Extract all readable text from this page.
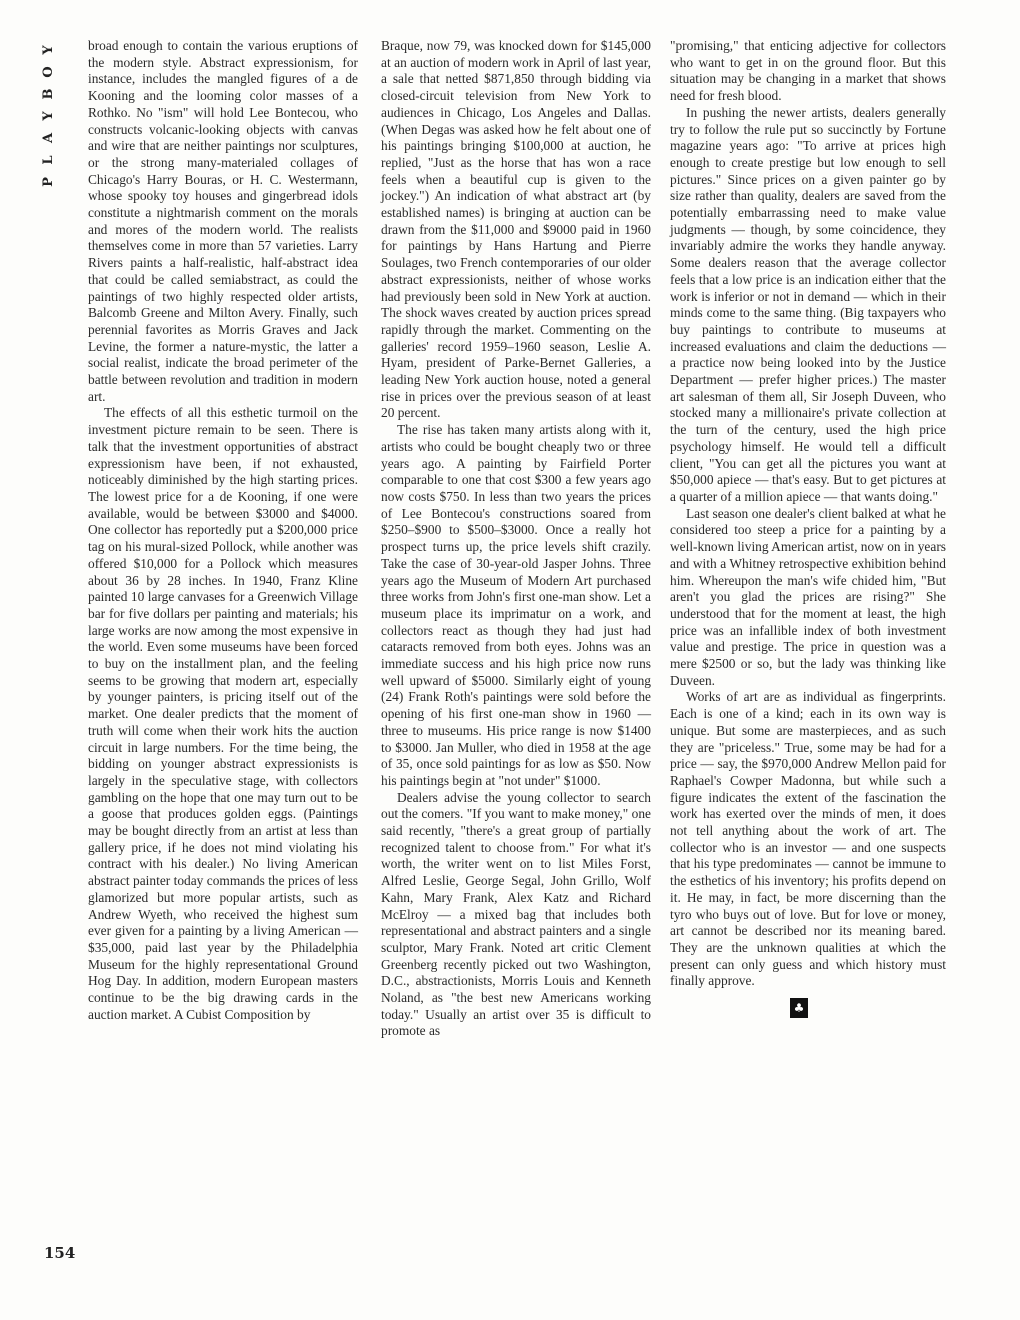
Y
O
B
Y
A
L
P
154

broad enough to contain the various eruptions of the modern style. Abstract expressionism, for instance, includes the mangled figures of a de Kooning and the looming color masses of a Rothko. No "ism" will hold Lee Bontecou, who constructs volcanic-looking objects with canvas and wire that are neither paintings nor sculptures, or the strong many-materialed collages of Chicago's Harry Bouras, or H. C. Westermann, whose spooky toy houses and gingerbread idols constitute a nightmarish comment on the morals and mores of the modern world. The realists themselves come in more than 57 varieties. Larry Rivers paints a half-realistic, half-abstract idea that could be called semiabstract, as could the paintings of two highly respected older artists, Balcomb Greene and Milton Avery. Finally, such perennial favorites as Morris Graves and Jack Levine, the former a nature-mystic, the latter a social realist, indicate the broad perimeter of the battle between revolution and tradition in modern art.

The effects of all this esthetic turmoil on the investment picture remain to be seen. There is talk that the investment opportunities of abstract expressionism have been, if not exhausted, noticeably diminished by the high starting prices. The lowest price for a de Kooning, if one were available, would be between $3000 and $4000. One collector has reportedly put a $200,000 price tag on his mural-sized Pollock, while another was offered $10,000 for a Pollock which measures about 36 by 28 inches. In 1940, Franz Kline painted 10 large canvases for a Greenwich Village bar for five dollars per painting and materials; his large works are now among the most expensive in the world. Even some museums have been forced to buy on the installment plan, and the feeling seems to be growing that modern art, especially by younger painters, is pricing itself out of the market. One dealer predicts that the moment of truth will come when their work hits the auction circuit in large numbers. For the time being, the bidding on younger abstract expressionists is largely in the speculative stage, with collectors gambling on the hope that one may turn out to be a goose that produces golden eggs. (Paintings may be bought directly from an artist at less than gallery price, if he does not mind violating his contract with his dealer.) No living American abstract painter today commands the prices of less glamorized but more popular artists, such as Andrew Wyeth, who received the highest sum ever given for a painting by a living American — $35,000, paid last year by the Philadelphia Museum for the highly representational Ground Hog Day. In addition, modern European masters continue to be the big drawing cards in the auction market. A Cubist Composition by

Braque, now 79, was knocked down for $145,000 at an auction of modern work in April of last year, a sale that netted $871,850 through bidding via closed-circuit television from New York to audiences in Chicago, Los Angeles and Dallas. (When Degas was asked how he felt about one of his paintings bringing $100,000 at auction, he replied, "Just as the horse that has won a race feels when a beautiful cup is given to the jockey.") An indication of what abstract art (by established names) is bringing at auction can be drawn from the $11,000 and $9000 paid in 1960 for paintings by Hans Hartung and Pierre Soulages, two French contemporaries of our older abstract expressionists, neither of whose works had previously been sold in New York at auction. The shock waves created by auction prices spread rapidly through the market. Commenting on the galleries' record 1959–1960 season, Leslie A. Hyam, president of Parke-Bernet Galleries, a leading New York auction house, noted a general rise in prices over the previous season of at least 20 percent.

The rise has taken many artists along with it, artists who could be bought cheaply two or three years ago. A painting by Fairfield Porter comparable to one that cost $300 a few years ago now costs $750. In less than two years the prices of Lee Bontecou's constructions soared from $250–$900 to $500–$3000. Once a really hot prospect turns up, the price levels shift crazily. Take the case of 30-year-old Jasper Johns. Three years ago the Museum of Modern Art purchased three works from John's first one-man show. Let a museum place its imprimatur on a work, and collectors react as though they had just had cataracts removed from both eyes. Johns was an immediate success and his high price now runs well upward of $5000. Similarly eight of young (24) Frank Roth's paintings were sold before the opening of his first one-man show in 1960 — three to museums. His price range is now $1400 to $3000. Jan Muller, who died in 1958 at the age of 35, once sold paintings for as low as $50. Now his paintings begin at "not under" $1000.

Dealers advise the young collector to search out the comers. "If you want to make money," one said recently, "there's a great group of partially recognized talent to choose from." For what it's worth, the writer went on to list Miles Forst, Alfred Leslie, George Segal, John Grillo, Wolf Kahn, Mary Frank, Alex Katz and Richard McElroy — a mixed bag that includes both representational and abstract painters and a single sculptor, Mary Frank. Noted art critic Clement Greenberg recently picked out two Washington, D.C., abstractionists, Morris Louis and Kenneth Noland, as "the best new Americans working today." Usually an artist over 35 is difficult to promote as

"promising," that enticing adjective for collectors who want to get in on the ground floor. But this situation may be changing in a market that shows need for fresh blood.

In pushing the newer artists, dealers generally try to follow the rule put so succinctly by Fortune magazine years ago: "To arrive at prices high enough to create prestige but low enough to sell pictures." Since prices on a given painter go by size rather than quality, dealers are saved from the potentially embarrassing need to make value judgments — though, by some coincidence, they invariably admire the works they handle anyway. Some dealers reason that the average collector feels that a low price is an indication either that the work is inferior or not in demand — which in their minds come to the same thing. (Big taxpayers who buy paintings to contribute to museums at increased evaluations and claim the deductions — a practice now being looked into by the Justice Department — prefer higher prices.) The master art salesman of them all, Sir Joseph Duveen, who stocked many a millionaire's private collection at the turn of the century, used the high price psychology himself. He would tell a difficult client, "You can get all the pictures you want at $50,000 apiece — that's easy. But to get pictures at a quarter of a million apiece — that wants doing."

Last season one dealer's client balked at what he considered too steep a price for a painting by a well-known living American artist, now on in years and with a Whitney retrospective exhibition behind him. Whereupon the man's wife chided him, "But aren't you glad the prices are rising?" She understood that for the moment at least, the high price was an infallible index of both investment value and prestige. The price in question was a mere $2500 or so, but the lady was thinking like Duveen.

Works of art are as individual as fingerprints. Each is one of a kind; each in its own way is unique. But some are masterpieces, and as such they are "priceless." True, some may be had for a price — say, the $970,000 Andrew Mellon paid for Raphael's Cowper Madonna, but while such a figure indicates the extent of the fascination the work has exerted over the minds of men, it does not tell anything about the work of art. The collector who is an investor — and one suspects that his type predominates — cannot be immune to the esthetics of his inventory; his profits depend on it. He may, in fact, be more discerning than the tyro who buys out of love. But for love or money, art cannot be described nor its meaning bared. They are the unknown qualities at which the present can only guess and which history must finally approve.

♣
